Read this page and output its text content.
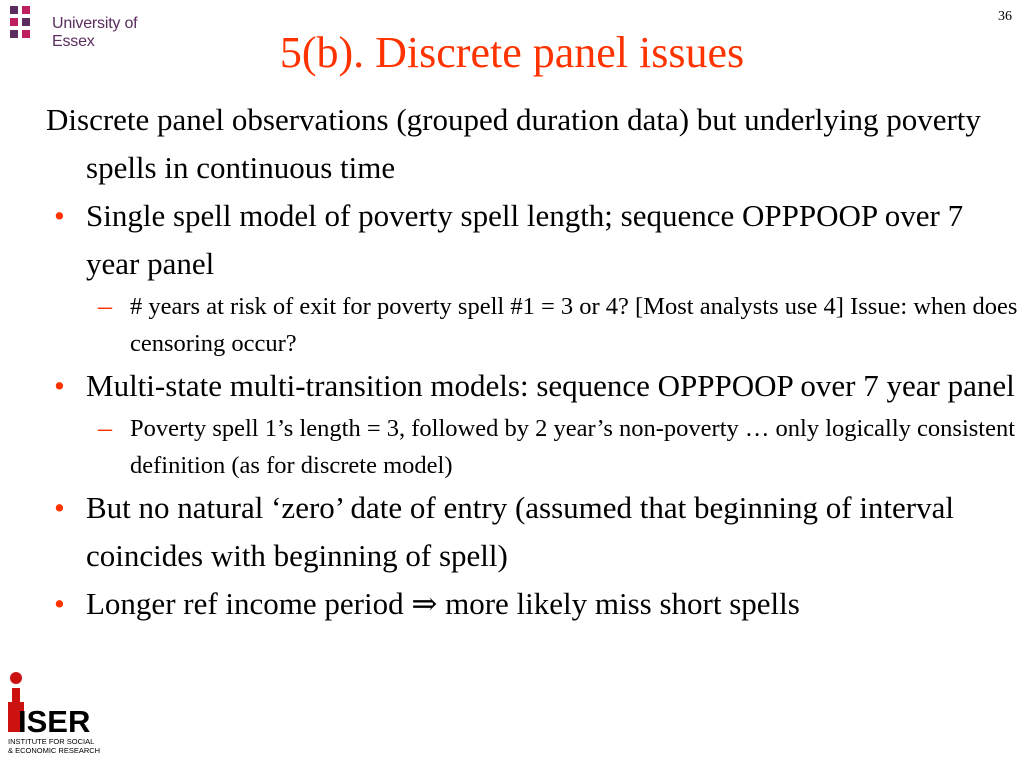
University of Essex
36
5(b). Discrete panel issues

Discrete panel observations (grouped duration data) but underlying poverty spells in continuous time

• Single spell model of poverty spell length; sequence OPPPOOP over 7 year panel
– # years at risk of exit for poverty spell #1 = 3 or 4? [Most analysts use 4] Issue: when does censoring occur?
• Multi-state multi-transition models: sequence OPPPOOP over 7 year panel
– Poverty spell 1’s length = 3, followed by 2 year’s non-poverty … only logically consistent definition (as for discrete model)
• But no natural ‘zero’ date of entry (assumed that beginning of interval coincides with beginning of spell)
• Longer ref income period ⇒ more likely miss short spells
ISER
INSTITUTE FOR SOCIAL
& ECONOMIC RESEARCH
